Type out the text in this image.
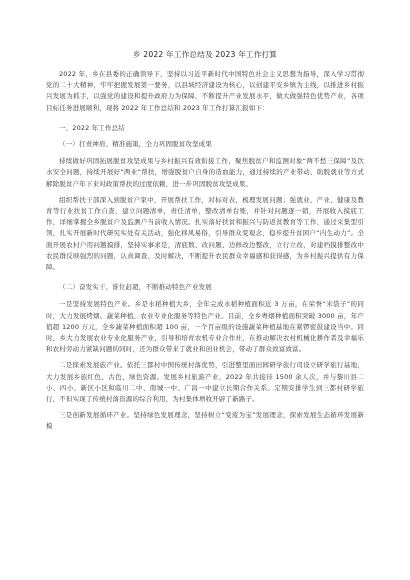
乡 2022 年工作总结及 2023 年工作打算

2022 年，乡在县委的正确领导下，坚持以习近平新时代中国特色社会主义思想为指导，深入学习贯彻党的二十大精神，牢牢把握发展第一要务，以县域经济建设为核心，以创建平安乡镇为主线，以推进乡村振兴发展为抓手，以强党的建设和提升政府力为保障，不断提升产业发展水平，做大做强特色优势产业，各项目标任务进展顺利，现将 2022 年工作总结和 2023 年工作打算汇报如下：

一、2022 年工作总结
（一）扛责神肩、精准施策，全力巩固脱贫攻坚成果

持续做好巩固拓展脱贫攻坚成果与乡村振兴有效衔接工作，聚焦脱贫户和监测对象“两不愁三保障”及饮水安全问题，持续开展好“两业”帮扶，增强脱贫户自身的造血能力，通过持续的产业带动、助脱就业等方式解除脱贫户年下来对政策帮扶的过度依赖，进一步巩固脱贫攻坚成果。

组织帮扶干部深入到脱贫户家中，开展帮扶工作，对标对表，梳理发展问题；强就业、产业、健康及教育等行业扶贫工作自查，建立问题清单，责任清单，整改清单台账，并针对问题逐一销，开展收入摸底工作，详细掌握全乡脱贫户及监测户当前收入情况。扎实落好扶贫和振兴与防返贫教育等工作，通过采集型引领，扎实开展新时代研究实处有关活动，强化移风易俗，引导群众变观念，稳步提升贫困户“内生动力”。全面开展农村户用问题摸排，坚持实事求是，清底数、改问题、边修改边整改，立行立改，对建档摸排整改中农民群反映强烈的问题，认真调查、及时解决，不断提升农民群众幸福感和获得感，为乡村振兴提供有力保障。

（二）奋发实干、谁位赶超，不断推动特色产业发展

一是坚持发展特色产业。乡是水稻种植大乡，全年完成水稻种植面积近 3 万亩，在荣誉“米袋子”的同时，大力发展烤烟、蔬菜种植、农业专业化服务等特色产业。目前，全乡粤烟种植面积突破 3000 亩，年产值超 1200 万元，全乡蔬菜种植面积超 100 亩，一个百亩级的设施蔬菜种植基地在紧锣密鼓建设当中。同时，乡大力发展农业专业化服务产业，引导和培育农机专业合作社，在推动解决农村机械化耕作者及幸福乐和农村劳动力紧缺问题的同时，还为群众带来了就业和创业机会，带动了群众致富致富。

二是探索发展旅产业。依托三都村中国传统村落优势，引进整里面田园研学旅行司设立研学旅行基地，大力发展乡旅红色、古色、绿色资源。发展乡村旅游产业，2022 年共接待 1500 余人次，并与黎川县二小、四小、新区小区和临川二中、南城一中、广昌一中建立长期合作关系。定期安排学生到三都村研学旅行，不但实现了传统村落资源的综合利用，为村集体增收开辟了新路子。

三是创新发展循环产业。坚持绿色发展理念，坚持树立“变废为宝”发展理念，探索发展生态循环发展新模
